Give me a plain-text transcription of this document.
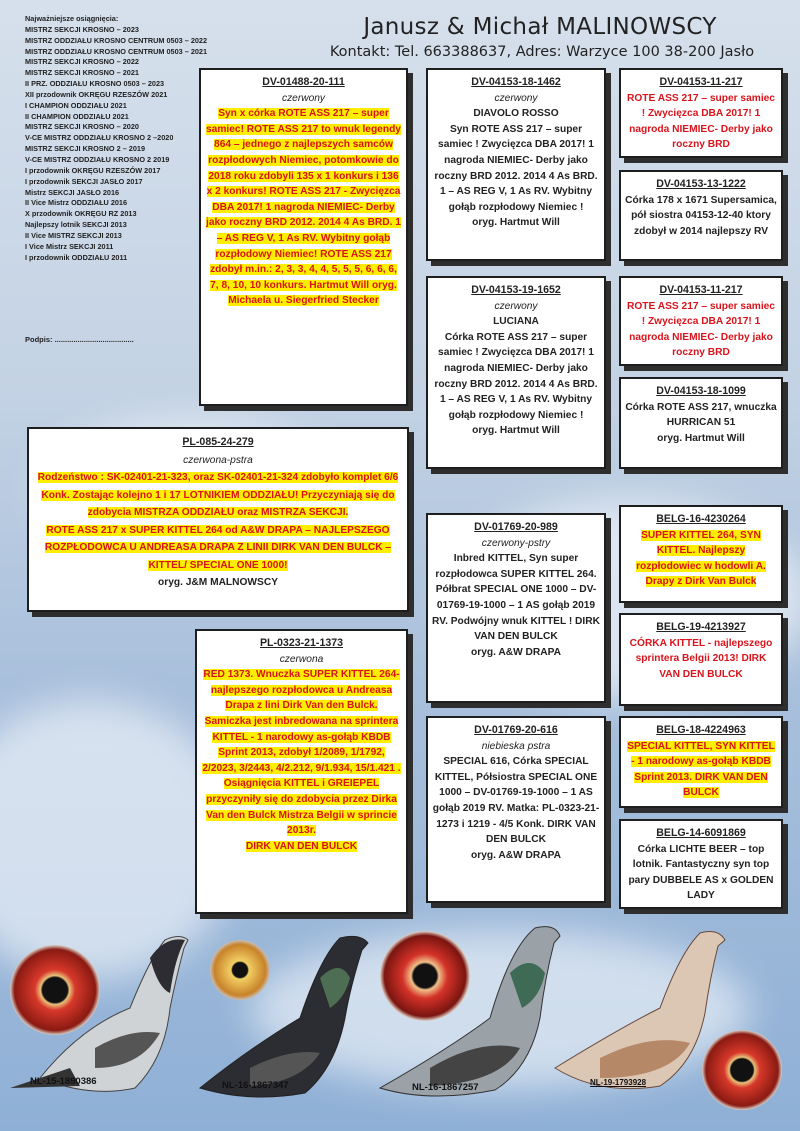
Najważniejsze osiągnięcia:
MISTRZ SEKCJI KROSNO – 2023
MISTRZ ODDZIAŁU KROSNO CENTRUM 0503 – 2022
MISTRZ ODDZIAŁU KROSNO CENTRUM 0503 – 2021
MISTRZ SEKCJI KROSNO – 2022
MISTRZ SEKCJI KROSNO – 2021
II PRZ. ODDZIAŁU KROSNO 0503 – 2023
XII przodownik OKRĘGU RZESZÓW 2021
I CHAMPION ODDZIAŁU 2021
II CHAMPION ODDZIAŁU 2021
MISTRZ SEKCJI KROSNO – 2020
V-CE MISTRZ ODDZIAŁU KROSNO 2 –2020
MISTRZ SEKCJI KROSNO 2 – 2019
V-CE MISTRZ ODDZIAŁU KROSNO 2 2019
I przodownik OKRĘGU RZESZÓW 2017
I przodownik SEKCJI JASŁO 2017
Mistrz SEKCJI JASŁO 2016
II Vice Mistrz ODDZIAŁU 2016
X przodownik OKRĘGU RZ 2013
Najlepszy lotnik SEKCJI 2013
II Vice MISTRZ SEKCJI 2013
I Vice Mistrz SEKCJI 2011
I przodownik ODDZIAŁU 2011
Podpis: ......................................
Janusz & Michał MALINOWSCY
Kontakt: Tel. 663388637, Adres: Warzyce 100 38-200 Jasło
DV-01488-20-111
czerwony
Syn x córka ROTE ASS 217 – super samiec! ROTE ASS 217 to wnuk legendy 864 – jednego z najlepszych samców rozpłodowych Niemiec, potomkowie do 2018 roku zdobyli 135 x 1 konkurs i 136 x 2 konkurs! ROTE ASS 217 - Zwycięzca DBA 2017! 1 nagroda NIEMIEC- Derby jako roczny BRD 2012. 2014 4 As BRD. 1 – AS REG V, 1 As RV. Wybitny gołąb rozpłodowy Niemiec! ROTE ASS 217 zdobył m.in.: 2, 3, 3, 4, 4, 5, 5, 5, 6, 6, 6, 7, 8, 10, 10 konkurs. Hartmut Will oryg. Michaela u. Siegerfried Stecker
DV-04153-18-1462
czerwony
DIAVOLO ROSSO
Syn ROTE ASS 217 – super samiec ! Zwycięzca DBA 2017! 1 nagroda NIEMIEC- Derby jako roczny BRD 2012. 2014 4 As BRD. 1 – AS REG V, 1 As RV. Wybitny gołąb rozpłodowy Niemiec !
oryg. Hartmut Will
DV-04153-11-217
ROTE ASS 217 – super samiec ! Zwycięzca DBA 2017! 1 nagroda NIEMIEC- Derby jako roczny BRD
DV-04153-13-1222
Córka 178 x 1671 Supersamica, pół siostra 04153-12-40 ktory zdobył w 2014 najlepszy RV
DV-04153-19-1652
czerwony
LUCIANA
Córka ROTE ASS 217 – super samiec ! Zwycięzca DBA 2017! 1 nagroda NIEMIEC- Derby jako roczny BRD 2012. 2014 4 As BRD. 1 – AS REG V, 1 As RV. Wybitny gołąb rozpłodowy Niemiec !
oryg. Hartmut Will
DV-04153-11-217
ROTE ASS 217 – super samiec ! Zwycięzca DBA 2017! 1 nagroda NIEMIEC- Derby jako roczny BRD
DV-04153-18-1099
Córka ROTE ASS 217, wnuczka HURRICAN 51
oryg. Hartmut Will
PL-085-24-279
czerwona-pstra
Rodzeństwo : SK-02401-21-323, oraz SK-02401-21-324 zdobyło komplet 6/6 Konk. Zostając kolejno 1 i 17 LOTNIKIEM ODDZIAŁU! Przyczyniają się do zdobycia MISTRZA ODDZIAŁU oraz MISTRZA SEKCJI.
ROTE ASS 217 x SUPER KITTEL 264 od A&W DRAPA – NAJLEPSZEGO ROZPŁODOWCA U ANDREASA DRAPA Z LINII DIRK VAN DEN BULCK – KITTEL/ SPECIAL ONE 1000!
oryg. J&M MALNOWSCY
DV-01769-20-989
czerwony-pstry
Inbred KITTEL, Syn super rozpłodowca SUPER KITTEL 264. Półbrat SPECIAL ONE 1000 – DV-01769-19-1000 – 1 AS gołąb 2019 RV. Podwójny wnuk KITTEL ! DIRK VAN DEN BULCK
oryg. A&W DRAPA
BELG-16-4230264
SUPER KITTEL 264, SYN KITTEL. Najlepszy rozpłodowiec w hodowli A. Drapy z Dirk Van Bulck
BELG-19-4213927
CÓRKA KITTEL - najlepszego sprintera Belgii 2013! DIRK VAN DEN BULCK
PL-0323-21-1373
czerwona
RED 1373. Wnuczka SUPER KITTEL 264- najlepszego rozpłodowca u Andreasa Drapa z lini Dirk Van den Bulck. Samiczka jest inbredowana na sprintera KITTEL - 1 narodowy as-gołąb KBDB Sprint 2013, zdobył 1/2089, 1/1792, 2/2023, 3/2443, 4/2.212, 9/1.934, 15/1.421 . Osiągnięcia KITTEL i GREIEPEL przyczyniły się do zdobycia przez Dirka Van den Bulck Mistrza Belgii w sprincie 2013r.
DIRK VAN DEN BULCK
DV-01769-20-616
niebieska pstra
SPECIAL 616, Córka SPECIAL KITTEL, Półsiostra SPECIAL ONE 1000 – DV-01769-19-1000 – 1 AS gołąb 2019 RV. Matka: PL-0323-21-1273 i 1219 - 4/5 Konk. DIRK VAN DEN BULCK
oryg. A&W DRAPA
BELG-18-4224963
SPECIAL KITTEL, SYN KITTEL - 1 narodowy as-gołąb KBDB Sprint 2013. DIRK VAN DEN BULCK
BELG-14-6091869
Córka LICHTE BEER – top lotnik. Fantastyczny syn top pary DUBBELE AS x GOLDEN LADY
NL-15-1890386	NL-16-1867347	NL-16-1867257	NL-19-1793928
